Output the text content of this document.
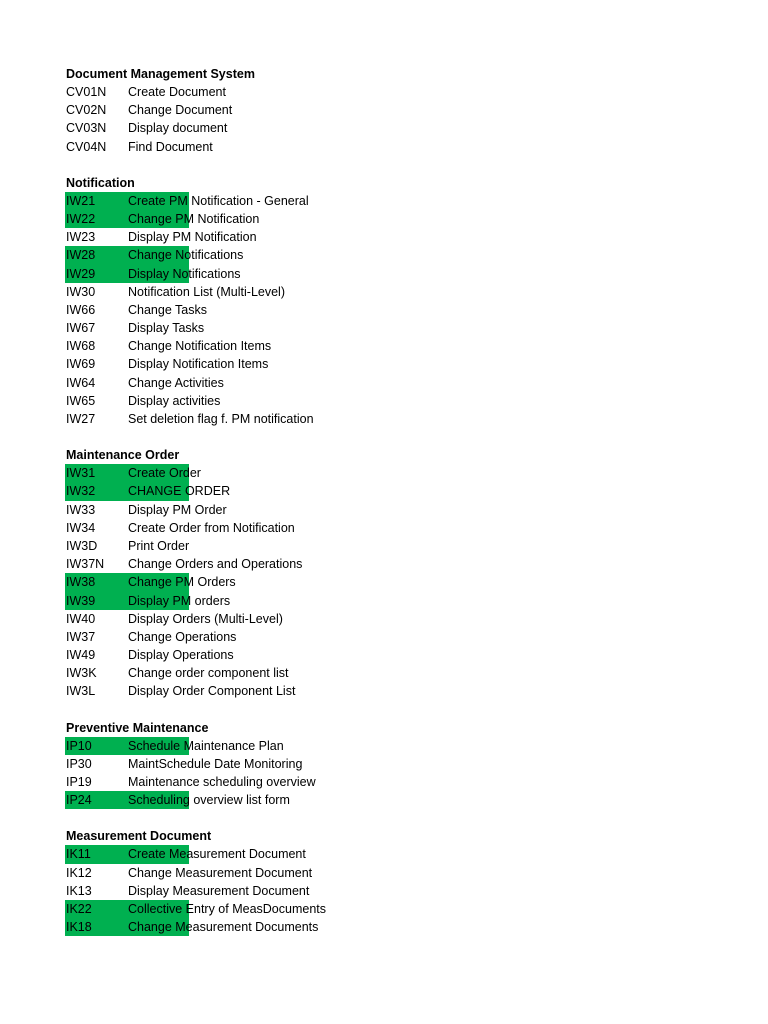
Document Management System
CV01N Create Document
CV02N Change Document
CV03N Display document
CV04N Find Document
Notification
IW21	Create PM Notification - General
IW22	Change PM Notification
IW23	Display PM Notification
IW28	Change Notifications
IW29	Display Notifications
IW30	Notification List (Multi-Level)
IW66	Change Tasks
IW67	Display Tasks
IW68	Change Notification Items
IW69	Display Notification Items
IW64	Change Activities
IW65	Display activities
IW27	Set deletion flag f. PM notification
Maintenance Order
IW31	Create Order
IW32	CHANGE ORDER
IW33	Display PM Order
IW34	Create Order from Notification
IW3D Print Order
IW37N Change Orders and Operations
IW38	Change PM Orders
IW39	Display PM orders
IW40	Display Orders (Multi-Level)
IW37	Change Operations
IW49	Display Operations
IW3K	Change order component list
IW3L	Display Order Component List
Preventive Maintenance
IP10	Schedule Maintenance Plan
IP30	MaintSchedule Date Monitoring
IP19	Maintenance scheduling overview
IP24	Scheduling overview list form
Measurement Document
IK11	Create Measurement Document
IK12	Change Measurement Document
IK13	Display Measurement Document
IK22	Collective Entry of MeasDocuments
IK18	Change Measurement Documents
